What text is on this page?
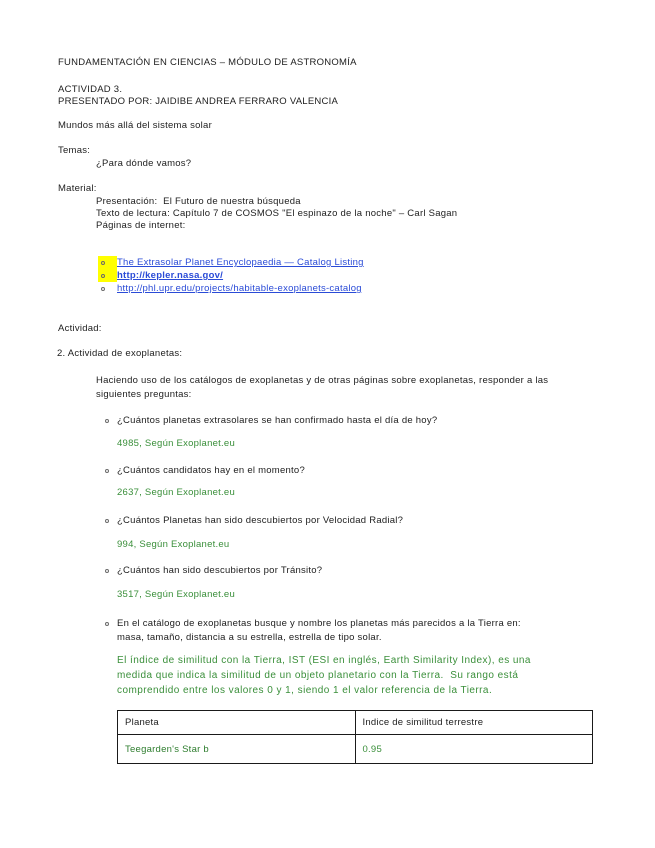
FUNDAMENTACIÓN EN CIENCIAS – MÓDULO DE ASTRONOMÍA
ACTIVIDAD 3.
PRESENTADO POR: JAIDIBE ANDREA FERRARO VALENCIA
Mundos más allá del sistema solar
Temas:
¿Para dónde vamos?
Material:
Presentación:  El Futuro de nuestra búsqueda
Texto de lectura: Capítulo 7 de COSMOS "El espinazo de la noche" – Carl Sagan
Páginas de internet:
The Extrasolar Planet Encyclopaedia — Catalog Listing
http://kepler.nasa.gov/
http://phl.upr.edu/projects/habitable-exoplanets-catalog
Actividad:
2. Actividad de exoplanetas:
Haciendo uso de los catálogos de exoplanetas y de otras páginas sobre exoplanetas, responder a las
siguientes preguntas:
¿Cuántos planetas extrasolares se han confirmado hasta el día de hoy?
4985, Según Exoplanet.eu
¿Cuántos candidatos hay en el momento?
2637, Según Exoplanet.eu
¿Cuántos Planetas han sido descubiertos por Velocidad Radial?
994, Según Exoplanet.eu
¿Cuántos han sido descubiertos por Tránsito?
3517, Según Exoplanet.eu
En el catálogo de exoplanetas busque y nombre los planetas más parecidos a la Tierra en:
masa, tamaño, distancia a su estrella, estrella de tipo solar.
El índice de similitud con la Tierra, IST (ESI en inglés, Earth Similarity Index), es una
medida que indica la similitud de un objeto planetario con la Tierra.  Su rango está
comprendido entre los valores 0 y 1, siendo 1 el valor referencia de la Tierra.
Planeta	Indice de similitud terrestre
Teegarden's Star b	0.95
